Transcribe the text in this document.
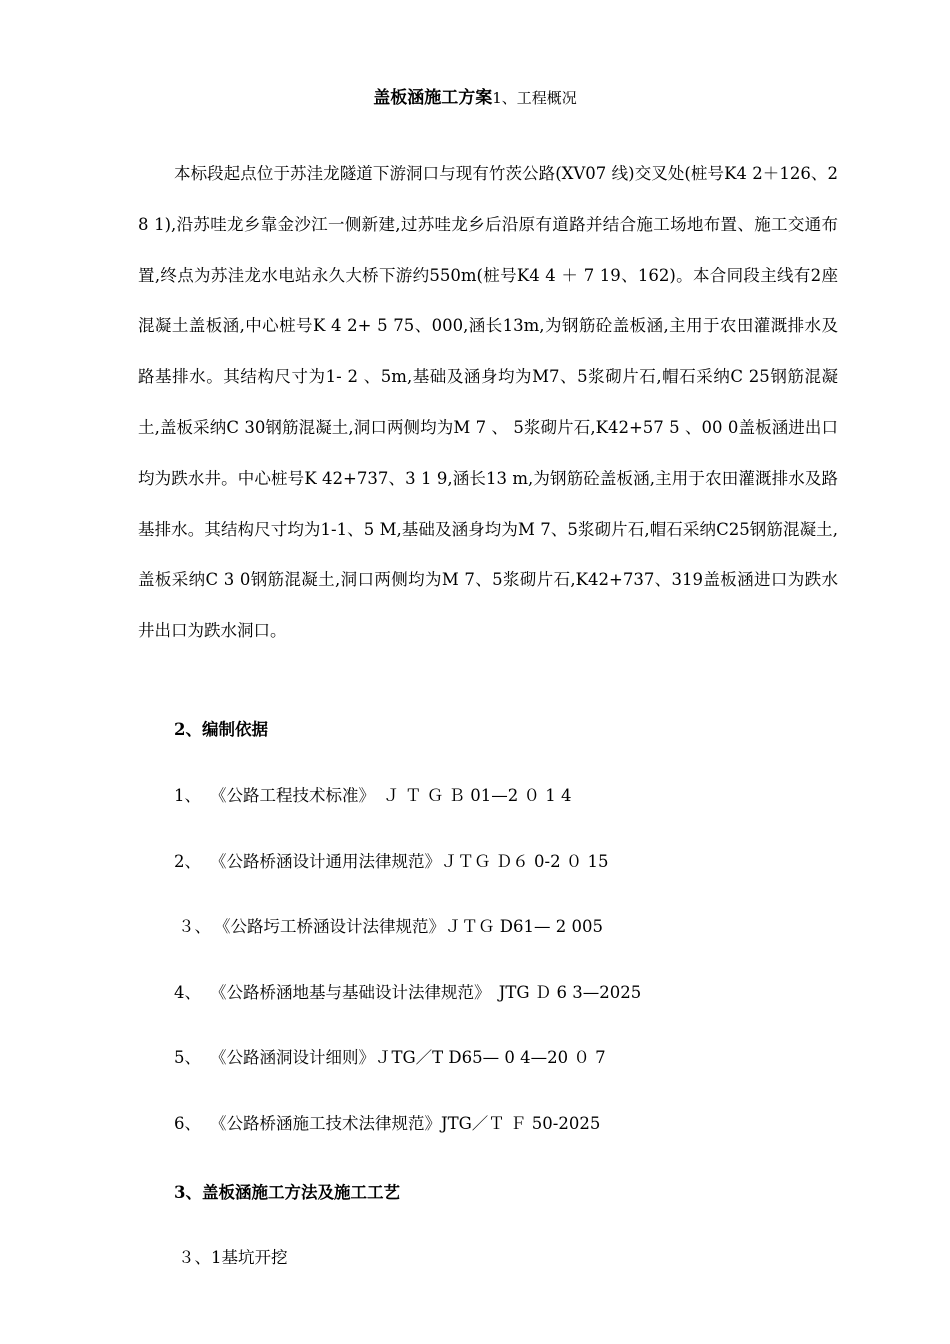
盖板涵施工方案1、工程概况

本标段起点位于苏洼龙隧道下游洞口与现有竹茨公路(XV07 线)交叉处(桩号K4 2＋126、2 8 1),沿苏哇龙乡靠金沙江一侧新建,过苏哇龙乡后沿原有道路并结合施工场地布置、施工交通布置,终点为苏洼龙水电站永久大桥下游约550m(桩号K4 4 ＋ 7 19、162)。本合同段主线有2座混凝土盖板涵,中心桩号K 4 2+ 5 75、000,涵长13m,为钢筋砼盖板涵,主用于农田灌溉排水及路基排水。其结构尺寸为1- 2 、5m,基础及涵身均为M7、5浆砌片石,帽石采纳C 25钢筋混凝土,盖板采纳C 30钢筋混凝土,洞口两侧均为M 7 、 5浆砌片石,K42+57 5 、00 0盖板涵进出口均为跌水井。中心桩号K 42+737、3 1 9,涵长13 m,为钢筋砼盖板涵,主用于农田灌溉排水及路基排水。其结构尺寸均为1-1、5 M,基础及涵身均为M 7、5浆砌片石,帽石采纳C25钢筋混凝土,盖板采纳C 3 0钢筋混凝土,洞口两侧均为M 7、5浆砌片石,K42+737、319盖板涵进口为跌水井出口为跌水洞口。

2、编制依据
1、 《公路工程技术标准》　Ｊ Ｔ Ｇ Ｂ 01—2 ０ 1 4
2、 《公路桥涵设计通用法律规范》ＪＴＧ Ｄ６ 0-2 ０ 15
３、 《公路圬工桥涵设计法律规范》ＪＴＧ D61— 2 005
4、 《公路桥涵地基与基础设计法律规范》　JTG Ｄ 6 3—2025
5、 《公路涵洞设计细则》ＪTG／T D65— 0 4—20 ０ 7
6、 《公路桥涵施工技术法律规范》JTG／Ｔ Ｆ 50-2025
3、盖板涵施工方法及施工工艺
３、1基坑开挖
